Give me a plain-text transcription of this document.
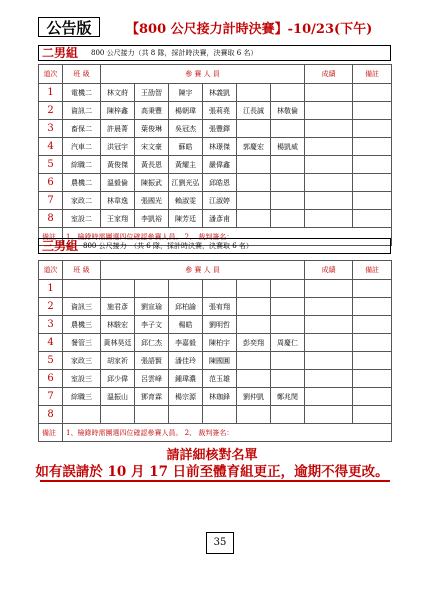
公告版	【800 公尺接力計時決賽】-10/23(下午)
二男組 800 公尺接力（共 8 隊，採計時決賽，決賽取 6 名）
道次	班 級	參 賽 人 員						成績	備註
1	電機二	林文莳	王劭智	陳宇	林義凱				
2	資訊二	陳梓鑫	高秉豐	楊朝瑋	張莉堯	江長誠	林敬倫		
3	畜保二	許晨菁	葉俊琳	吳冠杰	張豐鐸				
4	汽車二	洪冠宇	宋文豪	蘇皓	林璟傑	郭慶宏	楊凱威		
5	綜職二	黃俊傑	黃長恩	黃耀主	嚴偉鑫				
6	農機二	溫毅倫	陳振武	江劉光弘	邱皓恩				
7	家政二	林韋逸	張國光	賴淑雯	江淑婷				
8	室設二	王家翔	李凱裕	陳芳廷	潘彥甫				
備註	1、檢錄時需團選四位確認參賽人員。 2、 裁判簽名：								
三男組 800 公尺接力　（共 6 隊，採計時決賽，決賽取 6 名）
道次	班 級	參 賽 人 員						成績	備註
1									
2	資訊三	施君彥	劉宣瑜	邱柏諭	張宥翔				
3	農機三	林駿宏	李子文	楊皓	劉明哲				
4	餐管三	黃林昊廷	邱仁杰	李嘉毅	陳柏宇	彭奕翔	周慶仁		
5	家政三	胡家祈	張語賢	潘佳玲	陳國圓				
6	室設三	邱少偉	呂雲峰	鍾瑋濃	范玉雄				
7	綜職三	溫振山	鄧育霖	楊宗源	林珈鋒	劉仲凱	鄭兆閔		
8									
備註	1、檢錄時需團選四位確認參賽人員。 2、 裁判簽名：								
請詳細核對名單
如有誤請於 10 月 17 日前至體育組更正，逾期不得更改。
35
